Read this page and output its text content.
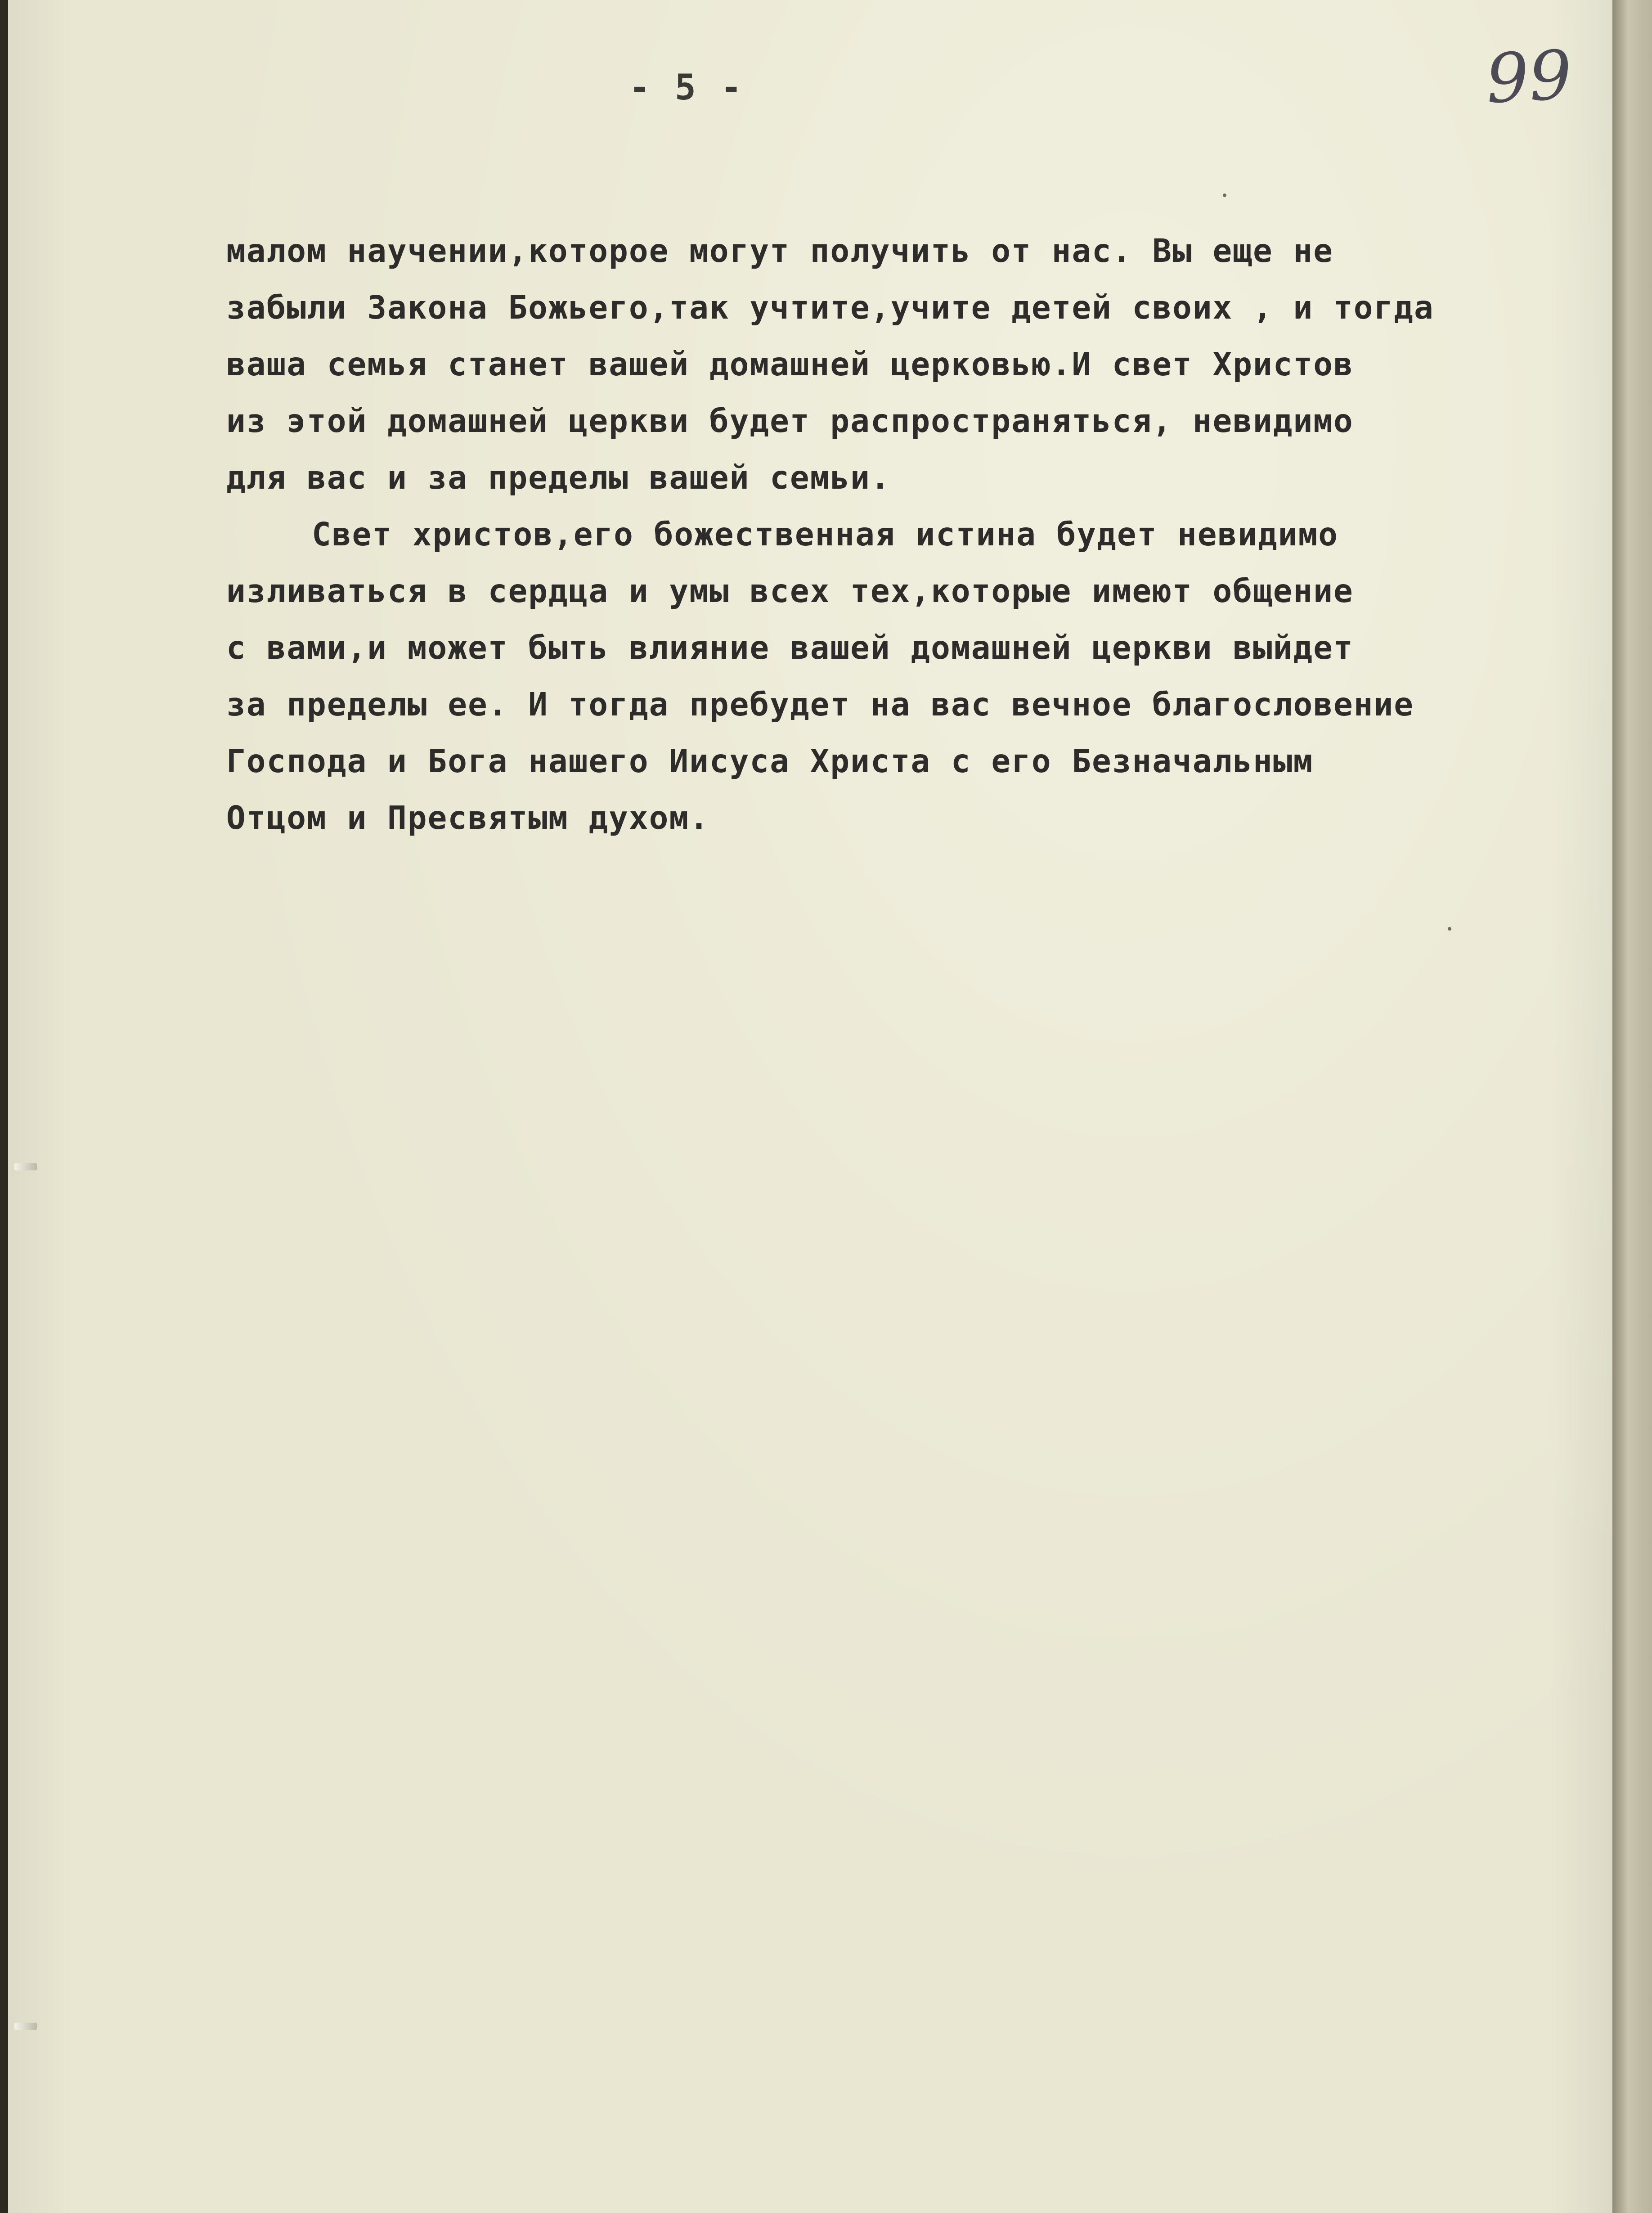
- 5 -	99
малом научении,которое могут получить от нас. Вы еще не
забыли Закона Божьего,так учтите,учите детей своих , и тогда
ваша семья станет вашей домашней церковью.И свет Христов
из этой домашней церкви будет распространяться, невидимо
для вас и за пределы вашей семьи.
Свет христов,его божественная истина будет невидимо
изливаться в сердца и умы всех тех,которые имеют общение
с вами,и может быть влияние вашей домашней церкви выйдет
за пределы ее. И тогда пребудет на вас вечное благословение
Господа и Бога нашего Иисуса Христа с его Безначальным
Отцом и Пресвятым духом.
